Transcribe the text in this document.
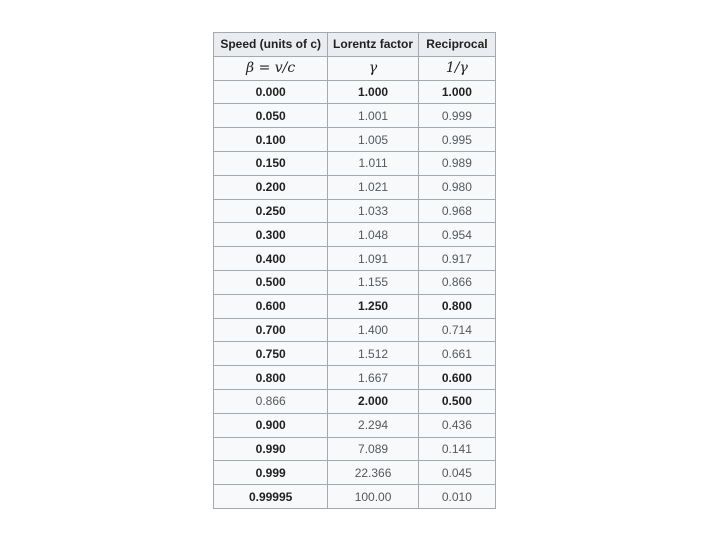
Speed (units of c)	Lorentz factor	Reciprocal
β = v/c	γ	1/γ
0.000	1.000	1.000
0.050	1.001	0.999
0.100	1.005	0.995
0.150	1.011	0.989
0.200	1.021	0.980
0.250	1.033	0.968
0.300	1.048	0.954
0.400	1.091	0.917
0.500	1.155	0.866
0.600	1.250	0.800
0.700	1.400	0.714
0.750	1.512	0.661
0.800	1.667	0.600
0.866	2.000	0.500
0.900	2.294	0.436
0.990	7.089	0.141
0.999	22.366	0.045
0.99995	100.00	0.010
